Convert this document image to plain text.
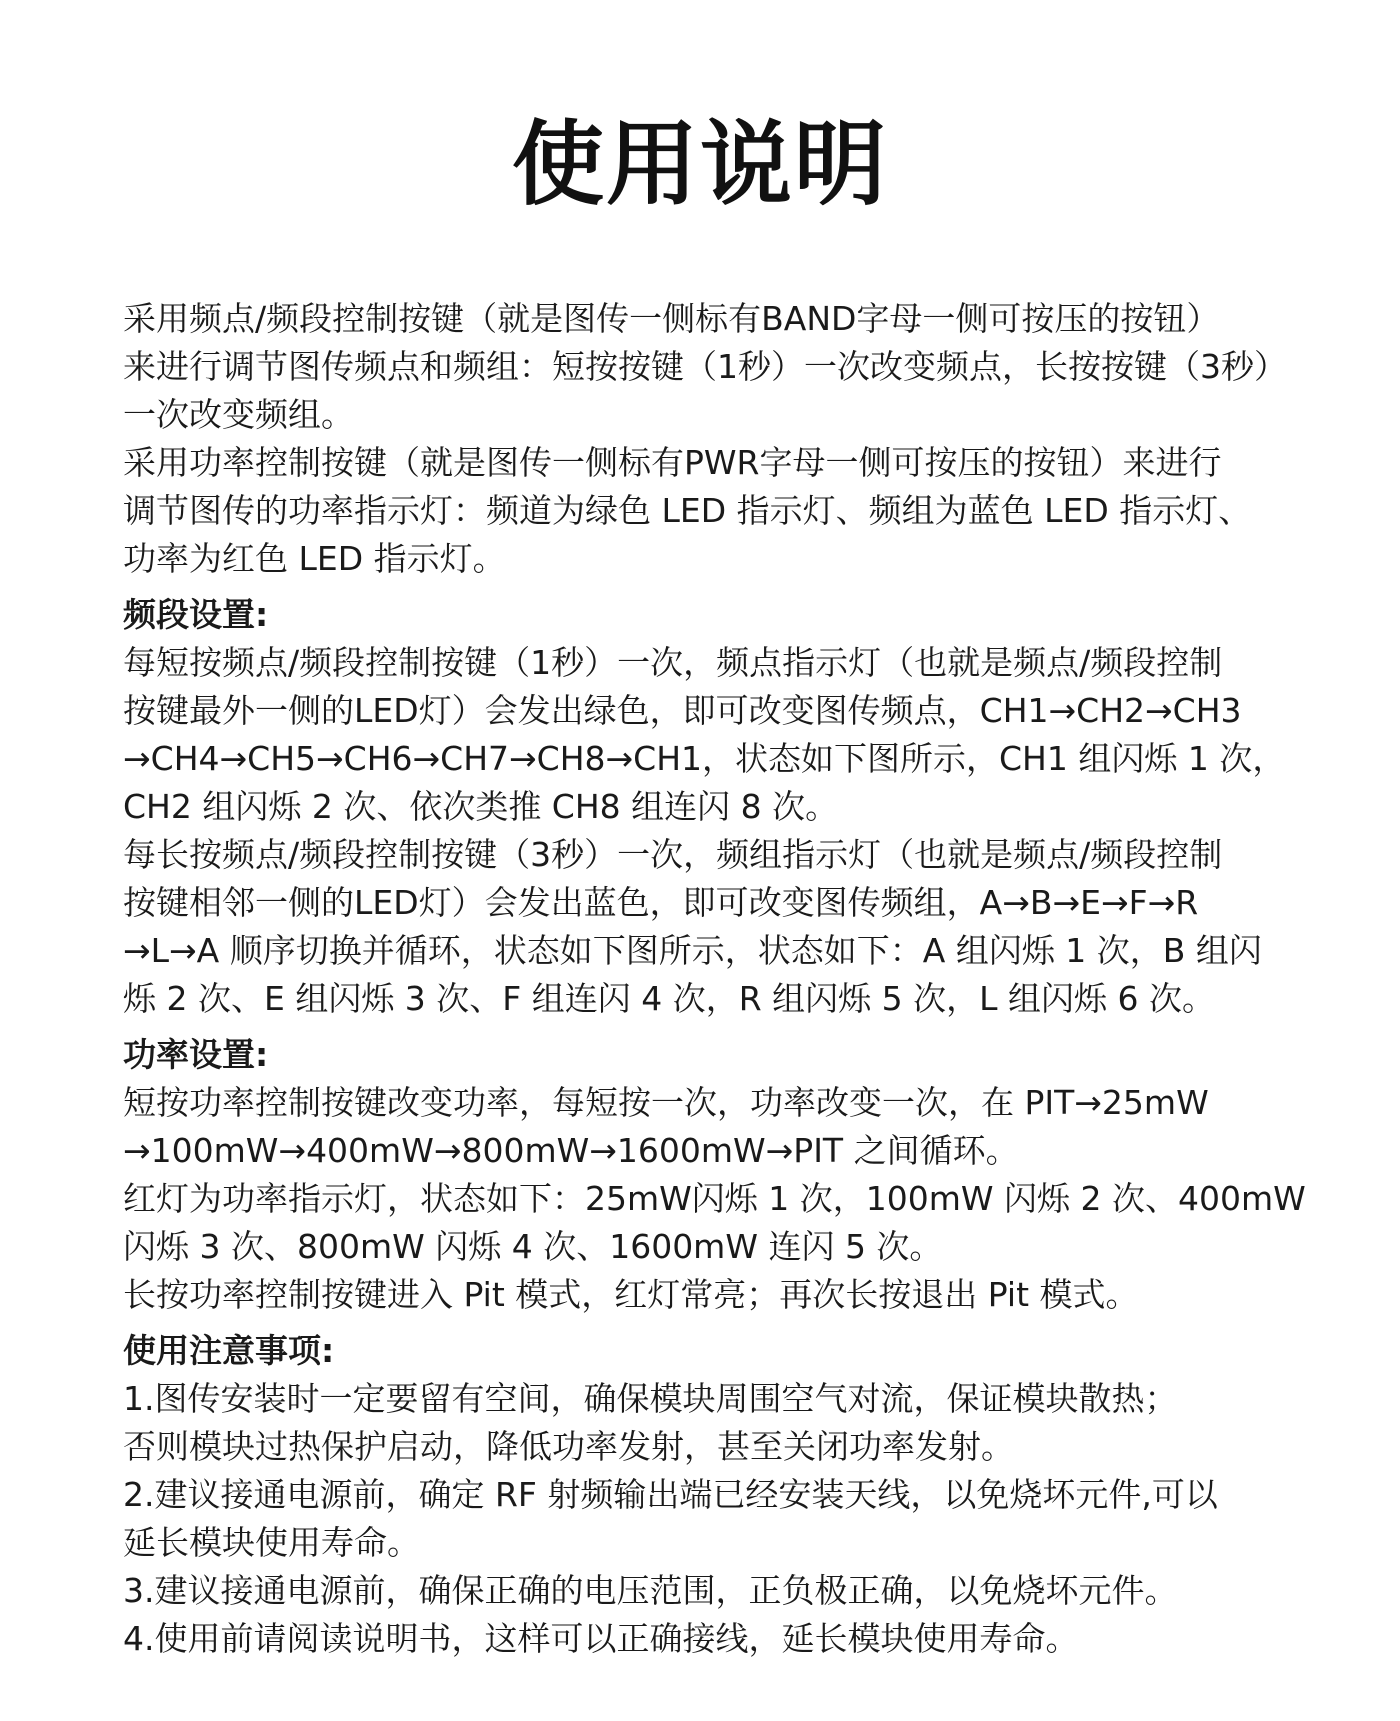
使用说明

采用频点/频段控制按键（就是图传一侧标有BAND字母一侧可按压的按钮）
来进行调节图传频点和频组：短按按键（1秒）一次改变频点，长按按键（3秒）
一次改变频组。

采用功率控制按键（就是图传一侧标有PWR字母一侧可按压的按钮）来进行
调节图传的功率指示灯：频道为绿色 LED 指示灯、频组为蓝色 LED 指示灯、
功率为红色 LED 指示灯。

频段设置:

每短按频点/频段控制按键（1秒）一次，频点指示灯（也就是频点/频段控制
按键最外一侧的LED灯）会发出绿色，即可改变图传频点，CH1→CH2→CH3
→CH4→CH5→CH6→CH7→CH8→CH1，状态如下图所示，CH1 组闪烁 1 次，
CH2 组闪烁 2 次、依次类推 CH8 组连闪 8 次。

每长按频点/频段控制按键（3秒）一次，频组指示灯（也就是频点/频段控制
按键相邻一侧的LED灯）会发出蓝色，即可改变图传频组，A→B→E→F→R
→L→A 顺序切换并循环，状态如下图所示，状态如下：A 组闪烁 1 次，B 组闪
烁 2 次、E 组闪烁 3 次、F 组连闪 4 次，R 组闪烁 5 次，L 组闪烁 6 次。

功率设置:

短按功率控制按键改变功率，每短按一次，功率改变一次，在 PIT→25mW
→100mW→400mW→800mW→1600mW→PIT 之间循环。

红灯为功率指示灯，状态如下：25mW闪烁 1 次，100mW 闪烁 2 次、400mW
闪烁 3 次、800mW 闪烁 4 次、1600mW 连闪 5 次。

长按功率控制按键进入 Pit 模式，红灯常亮；再次长按退出 Pit 模式。

使用注意事项:

1.图传安装时一定要留有空间，确保模块周围空气对流，保证模块散热；
否则模块过热保护启动，降低功率发射，甚至关闭功率发射。

2.建议接通电源前，确定 RF 射频输出端已经安装天线，以免烧坏元件,可以
延长模块使用寿命。

3.建议接通电源前，确保正确的电压范围，正负极正确，以免烧坏元件。

4.使用前请阅读说明书，这样可以正确接线，延长模块使用寿命。
